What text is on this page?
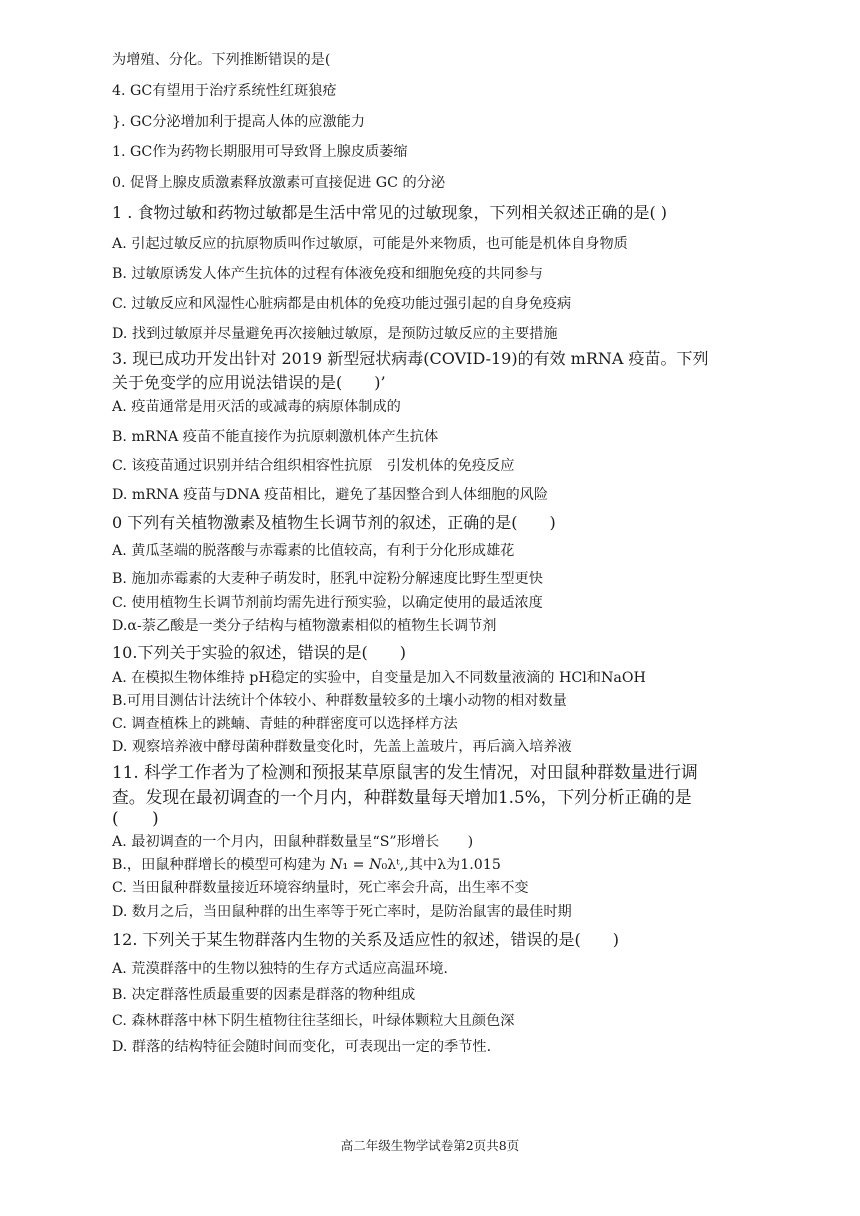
为增殖、分化。下列推断错误的是(
4. GC有望用于治疗系统性红斑狼疮
}. GC分泌增加利于提高人体的应激能力
1. GC作为药物长期服用可导致肾上腺皮质萎缩
0. 促肾上腺皮质激素释放激素可直接促进 GC 的分泌
1 . 食物过敏和药物过敏都是生活中常见的过敏现象，下列相关叙述正确的是( )
A. 引起过敏反应的抗原物质叫作过敏原，可能是外来物质，也可能是机体自身物质
B. 过敏原诱发人体产生抗体的过程有体液免疫和细胞免疫的共同参与
C. 过敏反应和风湿性心脏病都是由机体的免疫功能过强引起的自身免疫病
D. 找到过敏原并尽量避免再次接触过敏原，是预防过敏反应的主要措施
3. 现已成功开发出针对 2019 新型冠状病毒(COVID-19)的有效 mRNA 疫苗。下列
关于免变学的应用说法错误的是(　　)’
A. 疫苗通常是用灭活的或减毒的病原体制成的
B. mRNA 疫苗不能直接作为抗原刺激机体产生抗体
C. 该疫苗通过识别并结合组织相容性抗原　引发机体的免疫反应
D. mRNA 疫苗与DNA 疫苗相比，避免了基因整合到人体细胞的风险
0 下列有关植物激素及植物生长调节剂的叙述，正确的是(　　)
A. 黄瓜茎端的脱落酸与赤霉素的比值较高，有利于分化形成雄花
B. 施加赤霉素的大麦种子萌发时，胚乳中淀粉分解速度比野生型更快
C. 使用植物生长调节剂前均需先进行预实验，以确定使用的最适浓度
D.α-萘乙酸是一类分子结构与植物激素相似的植物生长调节剂
10.下列关于实验的叙述，错误的是(　　)
A. 在模拟生物体维持 pH稳定的实验中，自变量是加入不同数量液滴的 HCl和NaOH
B.可用目测估计法统计个体较小、种群数量较多的土壤小动物的相对数量
C. 调查植株上的跳蝻、青蛙的种群密度可以选择样方法
D. 观察培养液中酵母菌种群数量变化时，先盖上盖玻片，再后滴入培养液
11. 科学工作者为了检测和预报某草原鼠害的发生情况，对田鼠种群数量进行调
查。发现在最初调查的一个月内，种群数量每天增加1.5%，下列分析正确的是
(　　)
A. 最初调查的一个月内，田鼠种群数量呈“S”形增长　　)
B.，田鼠种群增长的模型可构建为 𝑁₁ = 𝑁₀λᵗ,,其中λ为1.015
C. 当田鼠种群数量接近环境容纳量时，死亡率会升高，出生率不变
D. 数月之后，当田鼠种群的出生率等于死亡率时，是防治鼠害的最佳时期
12. 下列关于某生物群落内生物的关系及适应性的叙述，错误的是(　　)
A. 荒漠群落中的生物以独特的生存方式适应高温环境.
B. 决定群落性质最重要的因素是群落的物种组成
C. 森林群落中林下阴生植物往往茎细长，叶绿体颗粒大且颜色深
D. 群落的结构特征会随时间而变化，可表现出一定的季节性.
高二年级生物学试卷第2页共8页
